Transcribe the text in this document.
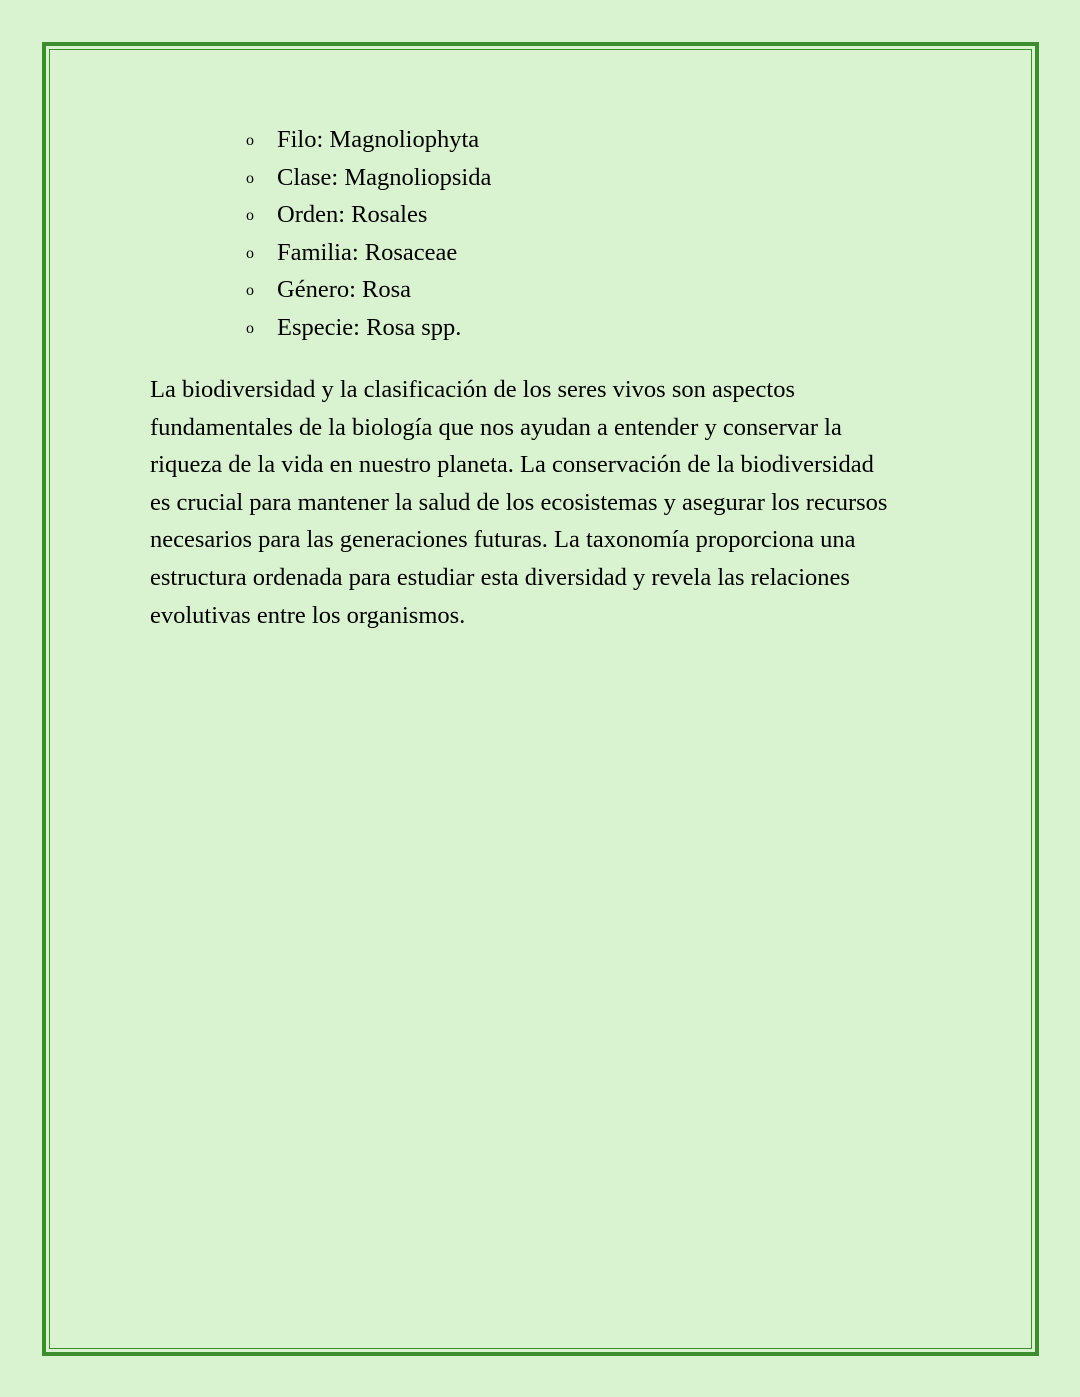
o Filo: Magnoliophyta
o Clase: Magnoliopsida
o Orden: Rosales
o Familia: Rosaceae
o Género: Rosa
o Especie: Rosa spp.

La biodiversidad y la clasificación de los seres vivos son aspectos
fundamentales de la biología que nos ayudan a entender y conservar la
riqueza de la vida en nuestro planeta. La conservación de la biodiversidad
es crucial para mantener la salud de los ecosistemas y asegurar los recursos
necesarios para las generaciones futuras. La taxonomía proporciona una
estructura ordenada para estudiar esta diversidad y revela las relaciones
evolutivas entre los organismos.
